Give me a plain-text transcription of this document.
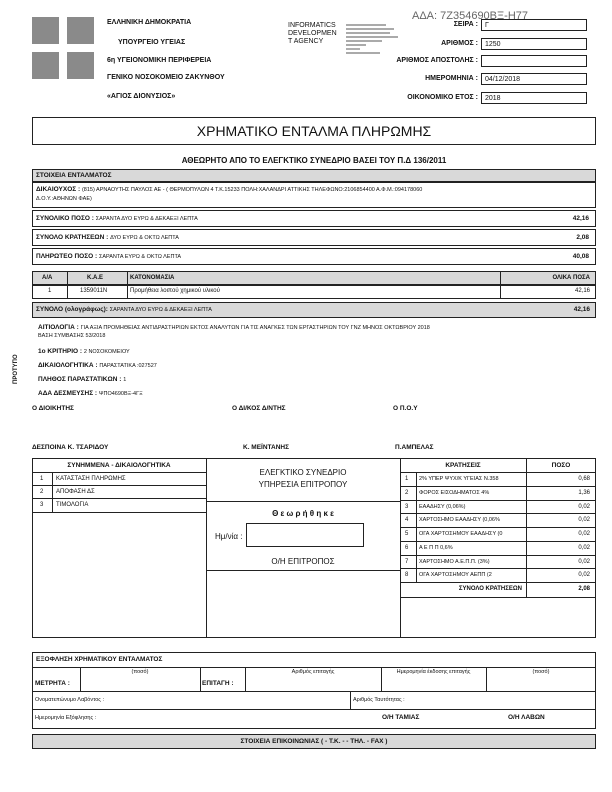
ΕΛΛΗΝΙΚΗ ΔΗΜΟΚΡΑΤΙΑ
ΥΠΟΥΡΓΕΙΟ ΥΓΕΙΑΣ
6η ΥΓΕΙΟΝΟΜΙΚΗ ΠΕΡΙΦΕΡΕΙΑ
ΓΕΝΙΚΟ ΝΟΣΟΚΟΜΕΙΟ ΖΑΚΥΝΘΟΥ
«ΑΓΙΟΣ ΔΙΟΝΥΣΙΟΣ»
INFORMATICS
DEVELOPMEN
T AGENCY
ΑΔΑ: 7Ζ354690ΒΞ-Η77
ΣΕΙΡΑ :	Γ
ΑΡΙΘΜΟΣ :	1250
ΑΡΙΘΜΟΣ ΑΠΟΣΤΟΛΗΣ :
ΗΜΕΡΟΜΗΝΙΑ :	04/12/2018
ΟΙΚΟΝΟΜΙΚΟ ΕΤΟΣ :	2018
ΧΡΗΜΑΤΙΚΟ ΕΝΤΑΛΜΑ ΠΛΗΡΩΜΗΣ
ΑΘΕΩΡΗΤΟ ΑΠΟ ΤΟ ΕΛΕΓΚΤΙΚΟ ΣΥΝΕΔΡΙΟ ΒΑΣΕΙ ΤΟΥ Π.Δ 136/2011
ΣΤΟΙΧΕΙΑ ΕΝΤΑΛΜΑΤΟΣ
ΔΙΚΑΙΟΥΧΟΣ : (815) ΑΡΝΑΟΥΤΗΣ ΠΑΥΛΟΣ ΑΕ - ( ΘΕΡΜΟΠΥΛΩΝ 4 Τ.Κ.15233 ΠΟΛΗ:ΧΑΛΑΝΔΡΙ ΑΤΤΙΚΗΣ ΤΗΛΕΦΩΝΟ:2106854400 Α.Φ.Μ.:094178060
Δ.Ο.Υ.:ΑΘΗΝΩΝ ΦΑΕ)
ΣΥΝΟΛΙΚΟ ΠΟΣΟ : ΣΑΡΑΝΤΑ ΔΥΟ ΕΥΡΩ & ΔΕΚΑΕΞΙ ΛΕΠΤΑ	42,16
ΣΥΝΟΛΟ ΚΡΑΤΗΣΕΩΝ : ΔΥΟ ΕΥΡΩ & ΟΚΤΩ ΛΕΠΤΑ	2,08
ΠΛΗΡΩΤΕΟ ΠΟΣΟ : ΣΑΡΑΝΤΑ ΕΥΡΩ & ΟΚΤΩ ΛΕΠΤΑ	40,08
Α/Α	Κ.Α.Ε	ΚΑΤΟΝΟΜΑΣΙΑ	ΟΛΙΚΑ ΠΟΣΑ
1	1359011Ν	Προμήθεια λοιπού χημικού υλικού	42,16
ΣΥΝΟΛΟ (ολογράφως): ΣΑΡΑΝΤΑ ΔΥΟ ΕΥΡΩ & ΔΕΚΑΕΞΙ ΛΕΠΤΑ	42,16
ΑΙΤΙΟΛΟΓΙΑ : ΓΙΑ ΑΞΙΑ ΠΡΟΜΗΘΕΙΑΣ ΑΝΤΙΔΡΑΣΤΗΡΙΩΝ ΕΚΤΟΣ ΑΝΑΛΥΤΩΝ ΓΙΑ ΤΙΣ ΑΝΑΓΚΕΣ ΤΩΝ ΕΡΓΑΣΤΗΡΙΩΝ ΤΟΥ ΓΝΖ ΜΗΝΟΣ ΟΚΤΩΒΡΙΟΥ 2018
ΒΑΣΗ ΣΥΜΒΑΣΗΣ 53/2018
1ο ΚΡΙΤΗΡΙΟ : 2 ΝΟΣΟΚΟΜΕΙΟΥ
ΔΙΚΑΙΟΛΟΓΗΤΙΚΑ : ΠΑΡΑΣΤΑΤΙΚΑ :027527
ΠΛΗΘΟΣ ΠΑΡΑΣΤΑΤΙΚΩΝ : 1
ΑΔΑ ΔΕΣΜΕΥΣΗΣ : ΨΠΟ4690ΒΞ-4ΓΞ
ΠΡΟΤΥΠΟ
Ο ΔΙΟΙΚΗΤΗΣ	Ο ΔΙ/ΚΟΣ Δ/ΝΤΗΣ	Ο Π.Ο.Υ
ΔΕΣΠΟΙΝΑ Κ. ΤΣΑΡΙΔΟΥ	Κ. ΜΕΪΝΤΑΝΗΣ	Π.ΑΜΠΕΛΑΣ
ΣΥΝΗΜΜΕΝΑ - ΔΙΚΑΙΟΛΟΓΗΤΙΚΑ
1 ΚΑΤΑΣΤΑΣΗ ΠΛΗΡΩΜΗΣ
2 ΑΠΟΦΑΣΗ ΔΣ
3 ΤΙΜΟΛΟΓΙΑ
ΕΛΕΓΚΤΙΚΟ ΣΥΝΕΔΡΙΟ
ΥΠΗΡΕΣΙΑ ΕΠΙΤΡΟΠΟΥ
Θ ε ω ρ ή θ η κ ε
Ημ/νία :
Ο/Η ΕΠΙΤΡΟΠΟΣ
ΚΡΑΤΗΣΕΙΣ	ΠΟΣΟ
1 2% ΥΠΕΡ ΨΥΧ/Κ ΥΓΕΙΑΣ Ν.358	0,68
2 ΦΟΡΟΣ ΕΙΣΟΔΗΜΑΤΟΣ 4%	1,36
3 ΕΑΑΔΗΣΥ (0,06%)	0,02
4 ΧΑΡΤΟΣΗΜΟ ΕΑΑΔΗΣΥ (0,06%	0,02
5 ΟΓΑ ΧΑΡΤΟΣΗΜΟΥ ΕΑΑΔΗΣΥ (0	0,02
6 Α Ε Π Π 0,6%	0,02
7 ΧΑΡΤΟΣΗΜΟ Α.Ε.Π.Π. (3%)	0,02
8 ΟΓΑ ΧΑΡΤΟΣΗΜΟΥ ΑΕΠΠ (2	0,02
ΣΥΝΟΛΟ ΚΡΑΤΗΣΕΩΝ	2,08
ΕΞΟΦΛΗΣΗ ΧΡΗΜΑΤΙΚΟΥ ΕΝΤΑΛΜΑΤΟΣ
(ποσό)	Αριθμός επιταγής	Ημερομηνία έκδοσης επιταγής	(ποσό)
ΜΕΤΡΗΤΑ :	ΕΠΙΤΑΓΗ :
Ονοματεπώνυμο Λαβόντος :	Αριθμός Ταυτότητας :
Ημερομηνία Εξόφλησης :	Ο/Η ΤΑΜΙΑΣ	Ο/Η ΛΑΒΩΝ
ΣΤΟΙΧΕΙΑ ΕΠΙΚΟΙΝΩΝΙΑΣ ( - Τ.Κ. - - ΤΗΛ. - FAX )
